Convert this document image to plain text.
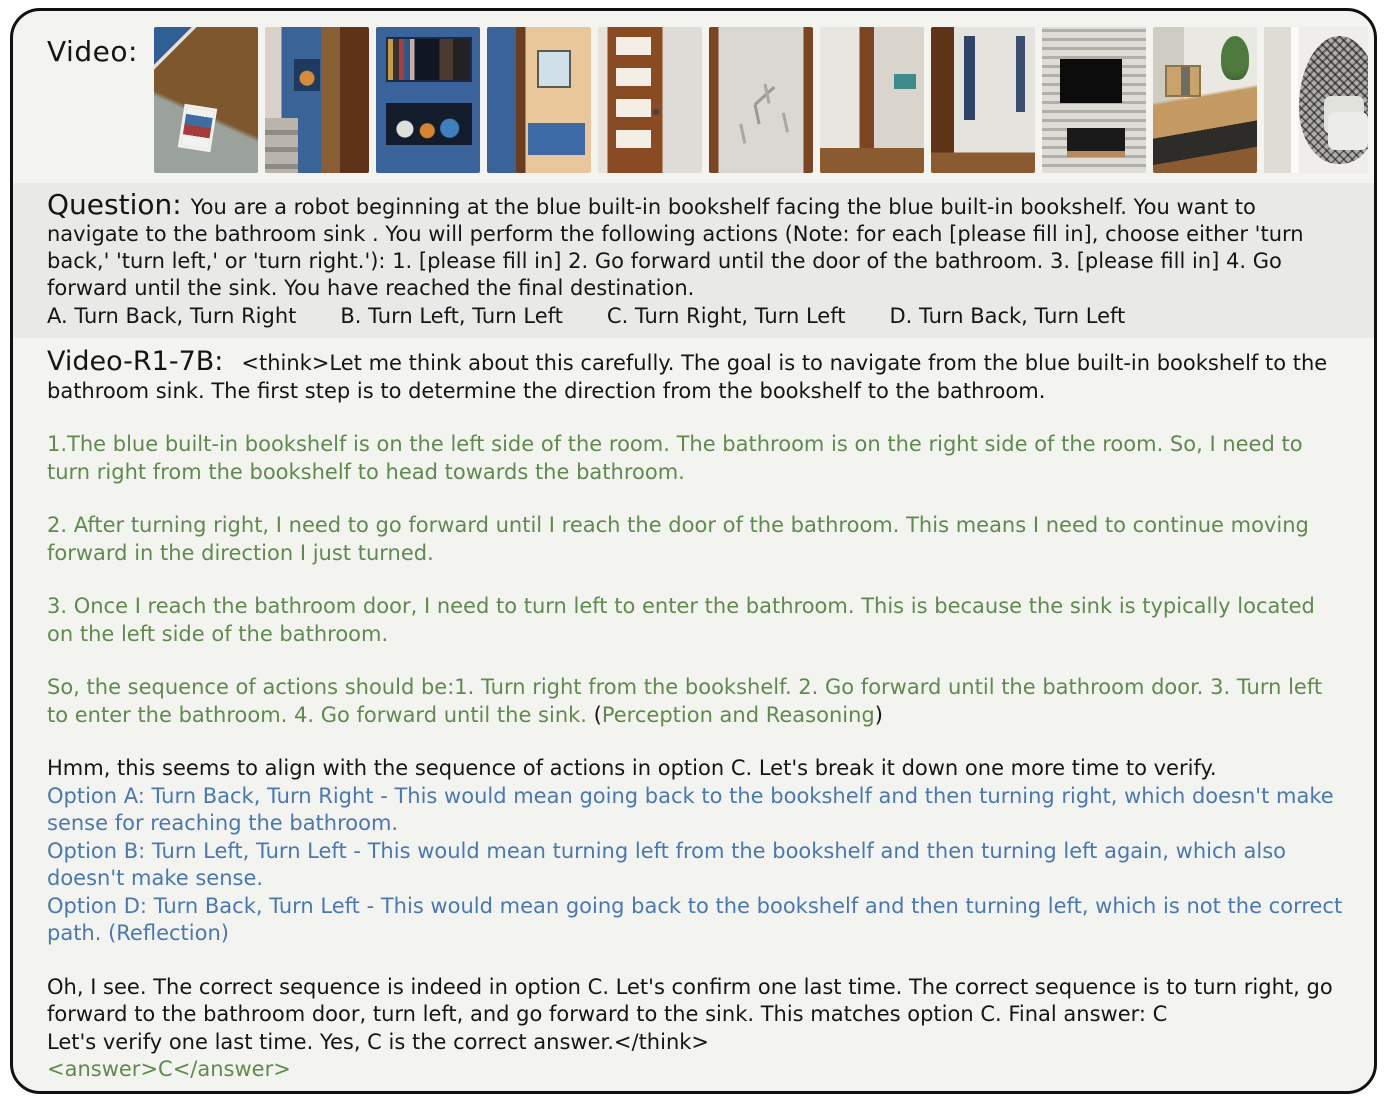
Video:
Question: You are a robot beginning at the blue built-in bookshelf facing the blue built-in bookshelf. You want to navigate to the bathroom sink . You will perform the following actions (Note: for each [please fill in], choose either 'turn back,' 'turn left,' or 'turn right.'): 1. [please fill in] 2. Go forward until the door of the bathroom. 3. [please fill in] 4. Go forward until the sink. You have reached the final destination.
A. Turn Back, Turn Right B. Turn Left, Turn Left C. Turn Right, Turn Left D. Turn Back, Turn Left

Video-R1-7B: <think>Let me think about this carefully. The goal is to navigate from the blue built-in bookshelf to the bathroom sink. The first step is to determine the direction from the bookshelf to the bathroom.

1.The blue built-in bookshelf is on the left side of the room. The bathroom is on the right side of the room. So, I need to turn right from the bookshelf to head towards the bathroom.

2. After turning right, I need to go forward until I reach the door of the bathroom. This means I need to continue moving forward in the direction I just turned.

3. Once I reach the bathroom door, I need to turn left to enter the bathroom. This is because the sink is typically located on the left side of the bathroom.

So, the sequence of actions should be:1. Turn right from the bookshelf. 2. Go forward until the bathroom door. 3. Turn left to enter the bathroom. 4. Go forward until the sink. (Perception and Reasoning)

Hmm, this seems to align with the sequence of actions in option C. Let's break it down one more time to verify.

Option A: Turn Back, Turn Right - This would mean going back to the bookshelf and then turning right, which doesn't make sense for reaching the bathroom.

Option B: Turn Left, Turn Left - This would mean turning left from the bookshelf and then turning left again, which also doesn't make sense.

Option D: Turn Back, Turn Left - This would mean going back to the bookshelf and then turning left, which is not the correct path. (Reflection)

Oh, I see. The correct sequence is indeed in option C. Let's confirm one last time. The correct sequence is to turn right, go forward to the bathroom door, turn left, and go forward to the sink. This matches option C. Final answer: C

Let's verify one last time. Yes, C is the correct answer.</think>

<answer>C</answer>
